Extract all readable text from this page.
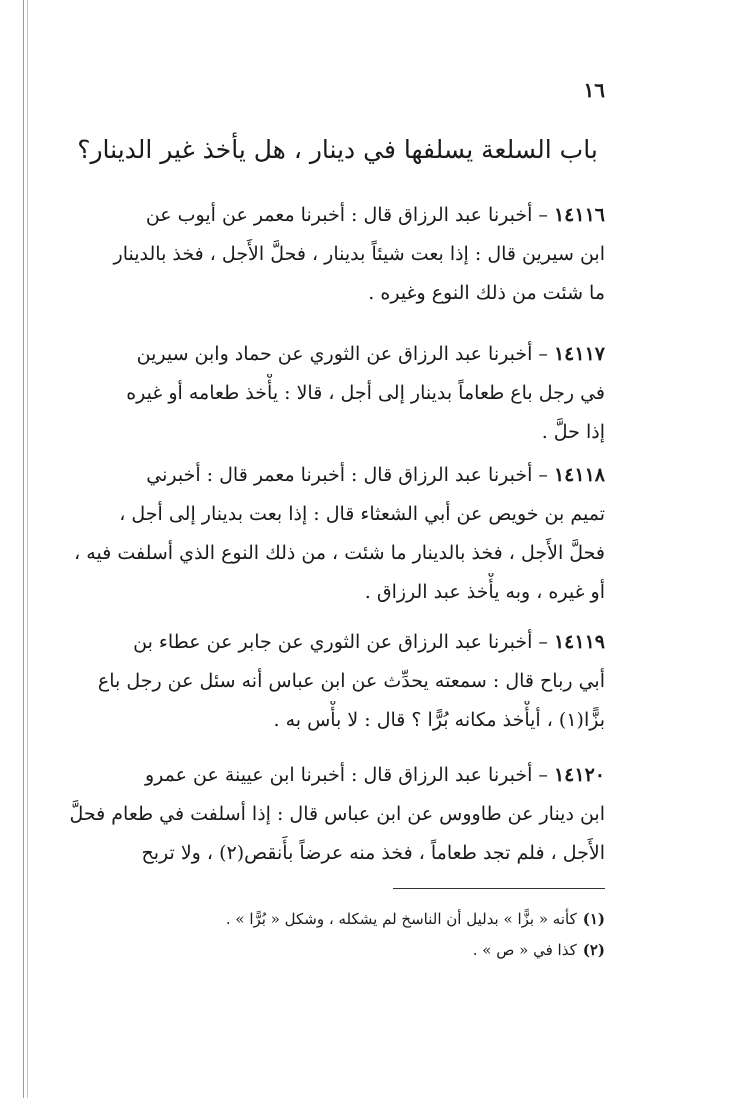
١٦
باب السلعة يسلفها في دينار ، هل يأخذ غير الدينار؟
١٤١١٦ – أخبرنا عبد الرزاق قال : أخبرنا معمر عن أيوب عن
ابن سيرين قال : إذا بعت شيئاً بدينار ، فحلَّ الأَجل ، فخذ بالدينار
ما شئت من ذلك النوع وغيره .
١٤١١٧ – أخبرنا عبد الرزاق عن الثوري عن حماد وابن سيرين
في رجل باع طعاماً بدينار إلى أجل ، قالا : يأْخذ طعامه أو غيره
إذا حلَّ .
١٤١١٨ – أخبرنا عبد الرزاق قال : أخبرنا معمر قال : أخبرني
تميم بن خويص عن أبي الشعثاء قال : إذا بعت بدينار إلى أجل ،
فحلَّ الأَجل ، فخذ بالدينار ما شئت ، من ذلك النوع الذي أسلفت فيه ،
أو غيره ، وبه يأْخذ عبد الرزاق .
١٤١١٩ – أخبرنا عبد الرزاق عن الثوري عن جابر عن عطاء بن
أبي رباح قال : سمعته يحدِّث عن ابن عباس أنه سئل عن رجل باع
بزًّا(١) ، أيأْخذ مكانه بُرًّا ؟ قال : لا بأْس به .
١٤١٢٠ – أخبرنا عبد الرزاق قال : أخبرنا ابن عيينة عن عمرو
ابن دينار عن طاووس عن ابن عباس قال : إذا أسلفت في طعام فحلَّ
الأَجل ، فلم تجد طعاماً ، فخذ منه عرضاً بأَنقص(٢) ، ولا تربح
(١)كأنه « بزًّا » بدليل أن الناسخ لم يشكله ، وشكل « بُرًّا » .
(٢)كذا في « ص » .
